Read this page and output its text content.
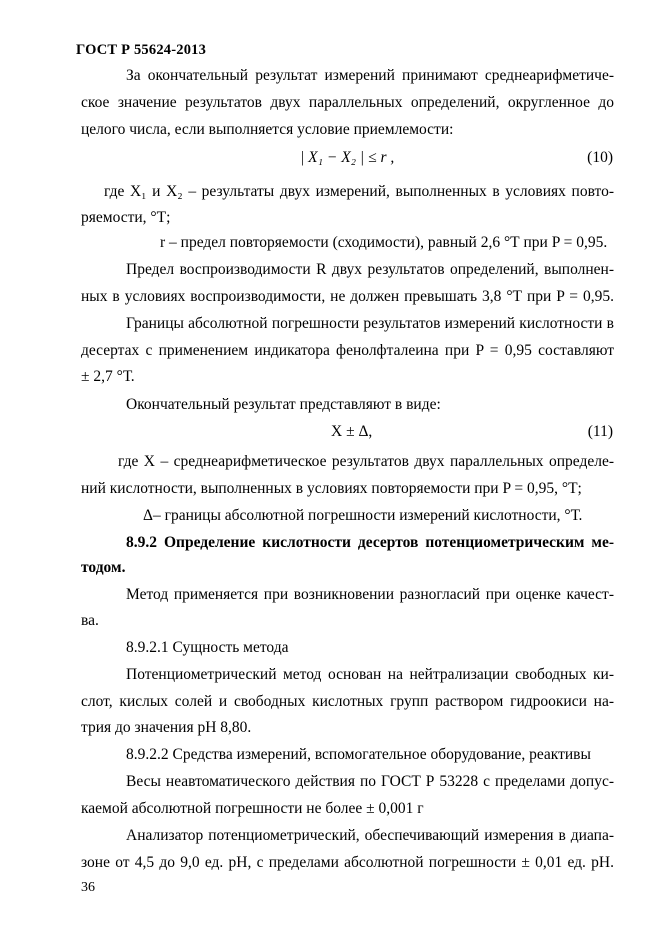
ГОСТ Р 55624-2013
За окончательный результат измерений принимают среднеарифметиче-
ское значение результатов двух параллельных определений, округленное до
целого числа, если выполняется условие приемлемости:
| X₁ − X₂ | ≤ r ,	(10)
где X₁ и X₂ – результаты двух измерений, выполненных в условиях повто-
ряемости, °Т;
r – предел повторяемости (сходимости), равный 2,6 °Т при P = 0,95.
Предел воспроизводимости R двух результатов определений, выполнен-
ных в условиях воспроизводимости, не должен превышать 3,8 °Т при P = 0,95.
Границы абсолютной погрешности результатов измерений кислотности в
десертах с применением индикатора фенолфталеина при P = 0,95 составляют
± 2,7 °Т.
Окончательный результат представляют в виде:
X ± Δ,	(11)
где X – среднеарифметическое результатов двух параллельных определе-
ний кислотности, выполненных в условиях повторяемости при P = 0,95, °Т;
Δ– границы абсолютной погрешности измерений кислотности, °Т.
8.9.2 Определение кислотности десертов потенциометрическим ме-
тодом.
Метод применяется при возникновении разногласий при оценке качест-
ва.
8.9.2.1 Сущность метода
Потенциометрический метод основан на нейтрализации свободных ки-
слот, кислых солей и свободных кислотных групп раствором гидроокиси на-
трия до значения pH 8,80.
8.9.2.2 Средства измерений, вспомогательное оборудование, реактивы
Весы неавтоматического действия по ГОСТ Р 53228 с пределами допус-
каемой абсолютной погрешности не более ± 0,001 г
Анализатор потенциометрический, обеспечивающий измерения в диапа-
зоне от 4,5 до 9,0 ед. pH, с пределами абсолютной погрешности ± 0,01 ед. pH.
36
